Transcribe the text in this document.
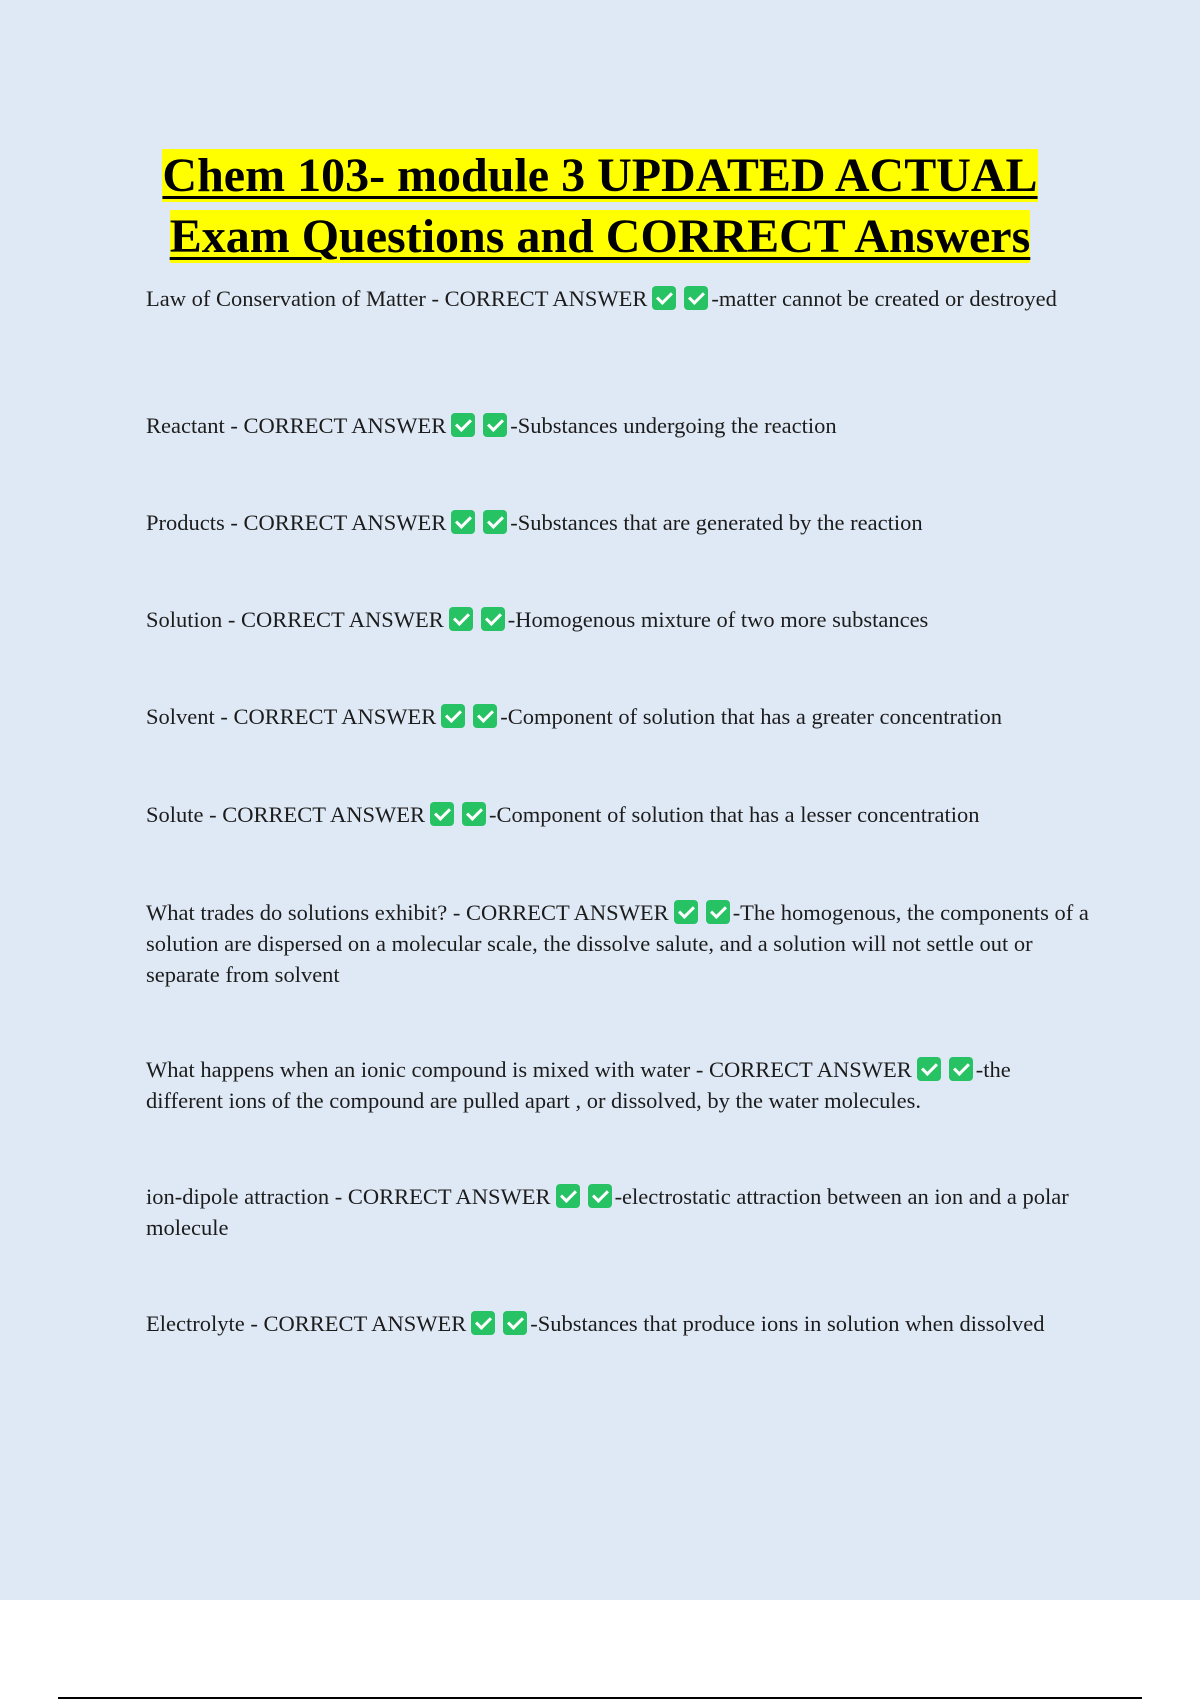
Chem 103- module 3 UPDATED ACTUAL
Exam Questions and CORRECT Answers
Law of Conservation of Matter - CORRECT ANSWER	-matter cannot be created or destroyed
Reactant - CORRECT ANSWER	-Substances undergoing the reaction
Products - CORRECT ANSWER	-Substances that are generated by the reaction
Solution - CORRECT ANSWER	-Homogenous mixture of two more substances
Solvent - CORRECT ANSWER	-Component of solution that has a greater concentration
Solute - CORRECT ANSWER	-Component of solution that has a lesser concentration
What trades do solutions exhibit? - CORRECT ANSWER	-The homogenous, the components of a solution are dispersed on a molecular scale, the dissolve salute, and a solution will not settle out or separate from solvent
What happens when an ionic compound is mixed with water - CORRECT ANSWER	-the different ions of the compound are pulled apart , or dissolved, by the water molecules.
ion-dipole attraction - CORRECT ANSWER	-electrostatic attraction between an ion and a polar molecule
Electrolyte - CORRECT ANSWER	-Substances that produce ions in solution when dissolved
